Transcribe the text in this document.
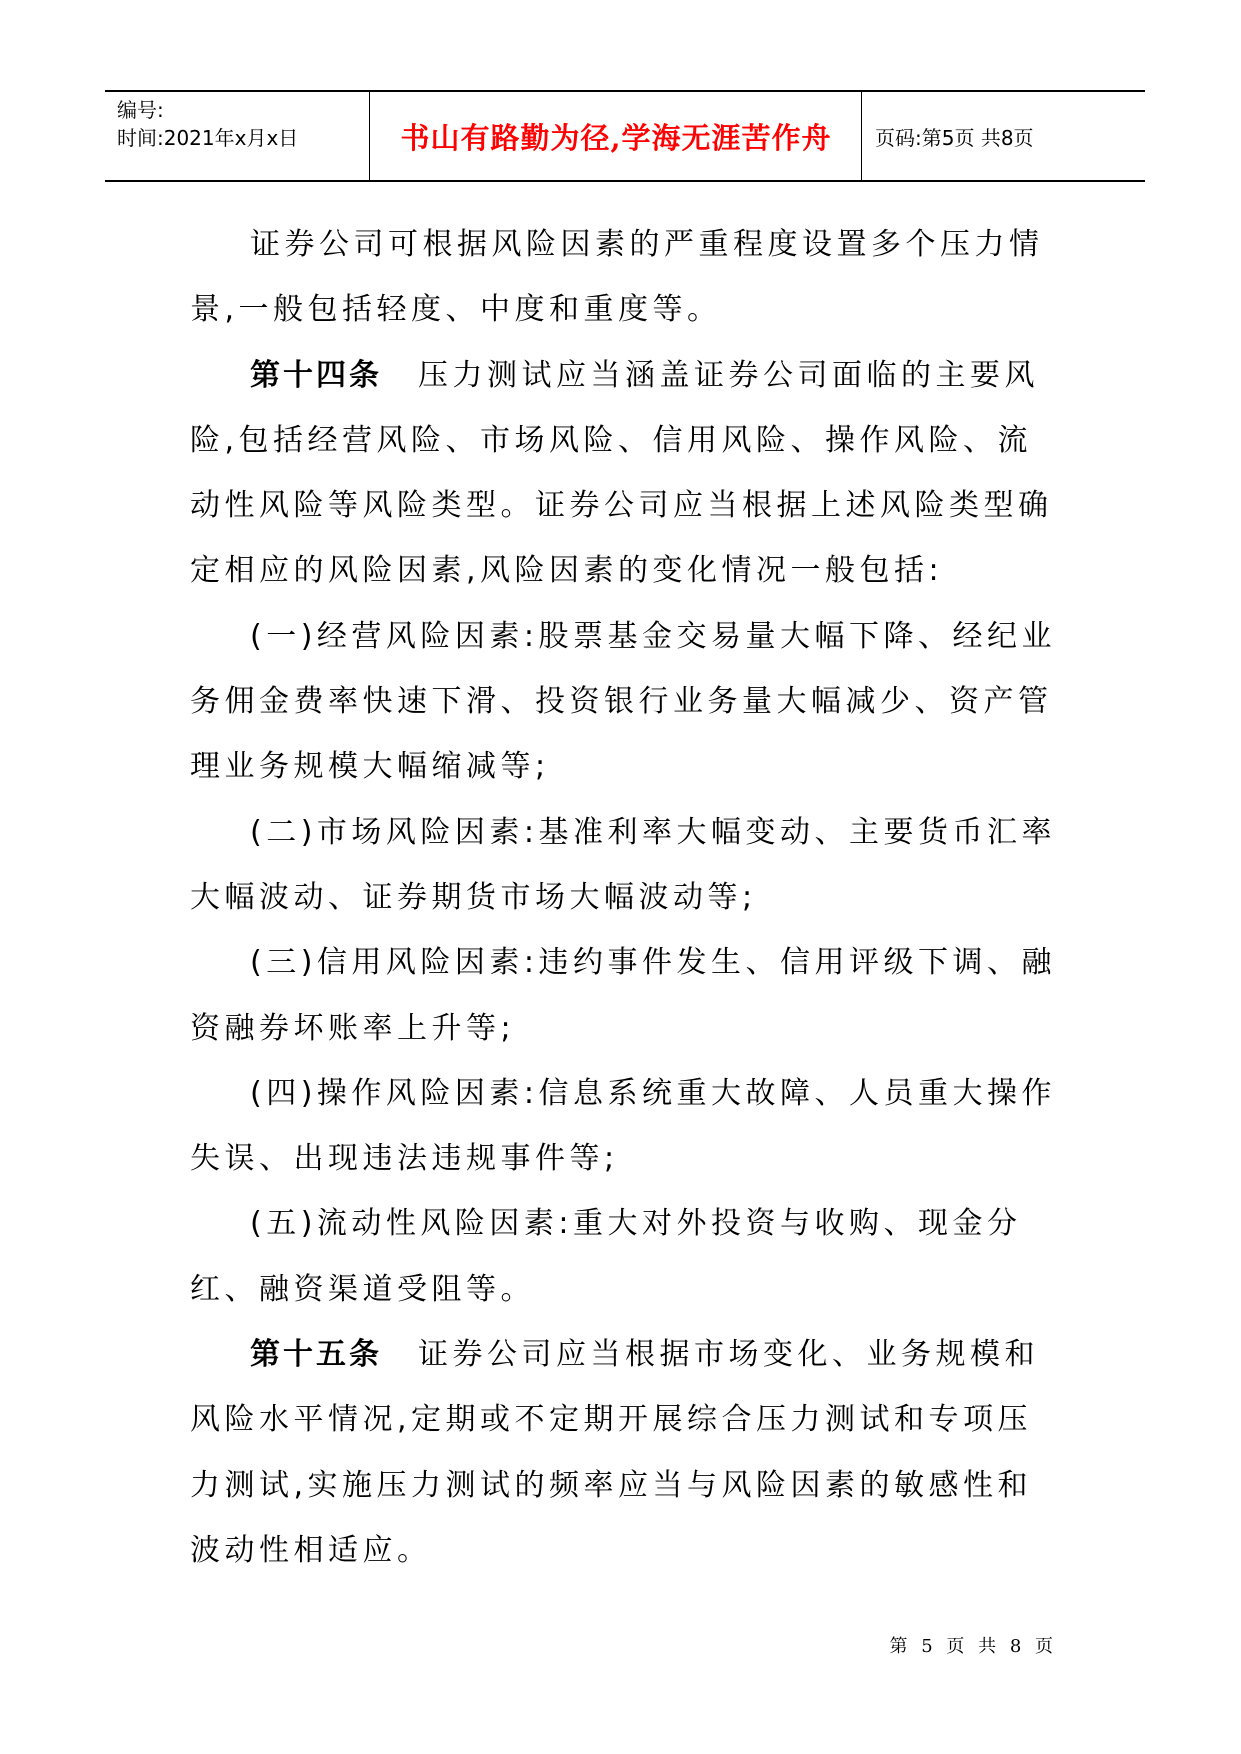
编号:
时间:2021年x月x日	书山有路勤为径,学海无涯苦作舟	页码:第5页 共8页

证券公司可根据风险因素的严重程度设置多个压力情景,一般包括轻度、中度和重度等。

第十四条 压力测试应当涵盖证券公司面临的主要风险,包括经营风险、市场风险、信用风险、操作风险、流动性风险等风险类型。证券公司应当根据上述风险类型确定相应的风险因素,风险因素的变化情况一般包括:

(一)经营风险因素:股票基金交易量大幅下降、经纪业务佣金费率快速下滑、投资银行业务量大幅减少、资产管理业务规模大幅缩减等;

(二)市场风险因素:基准利率大幅变动、主要货币汇率大幅波动、证券期货市场大幅波动等;

(三)信用风险因素:违约事件发生、信用评级下调、融资融券坏账率上升等;

(四)操作风险因素:信息系统重大故障、人员重大操作失误、出现违法违规事件等;

(五)流动性风险因素:重大对外投资与收购、现金分红、融资渠道受阻等。

第十五条 证券公司应当根据市场变化、业务规模和风险水平情况,定期或不定期开展综合压力测试和专项压力测试,实施压力测试的频率应当与风险因素的敏感性和波动性相适应。

第 5 页 共 8 页
